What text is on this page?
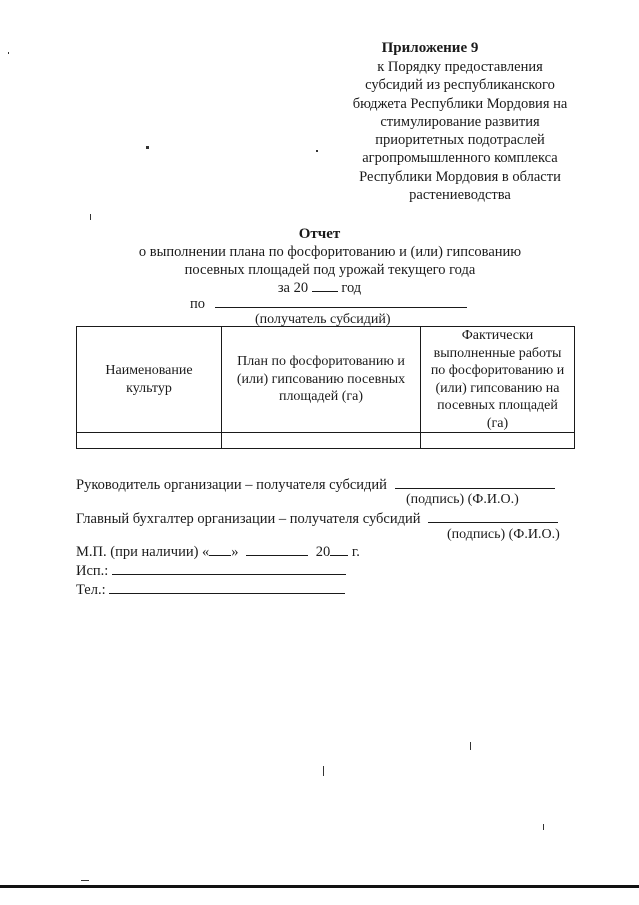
Приложение 9
к Порядку предоставления
субсидий из республиканского
бюджета Республики Мордовия на
стимулирование развития
приоритетных подотраслей
агропромышленного комплекса
Республики Мордовия в области
растениеводства
Отчет
о выполнении плана по фосфоритованию и (или) гипсованию
посевных площадей под урожай текущего года
за 20 год
по
(получатель субсидий)
Наименование культур	План по фосфоритованию и (или) гипсованию посевных площадей (га)	Фактически выполненные работы по фосфоритованию и (или) гипсованию на посевных площадей (га)

Руководитель организации – получателя субсидий
(подпись) (Ф.И.О.)
Главный бухгалтер организации – получателя субсидий
(подпись) (Ф.И.О.)
М.П. (при наличии) « »	20 г.
Исп.:
Тел.:
